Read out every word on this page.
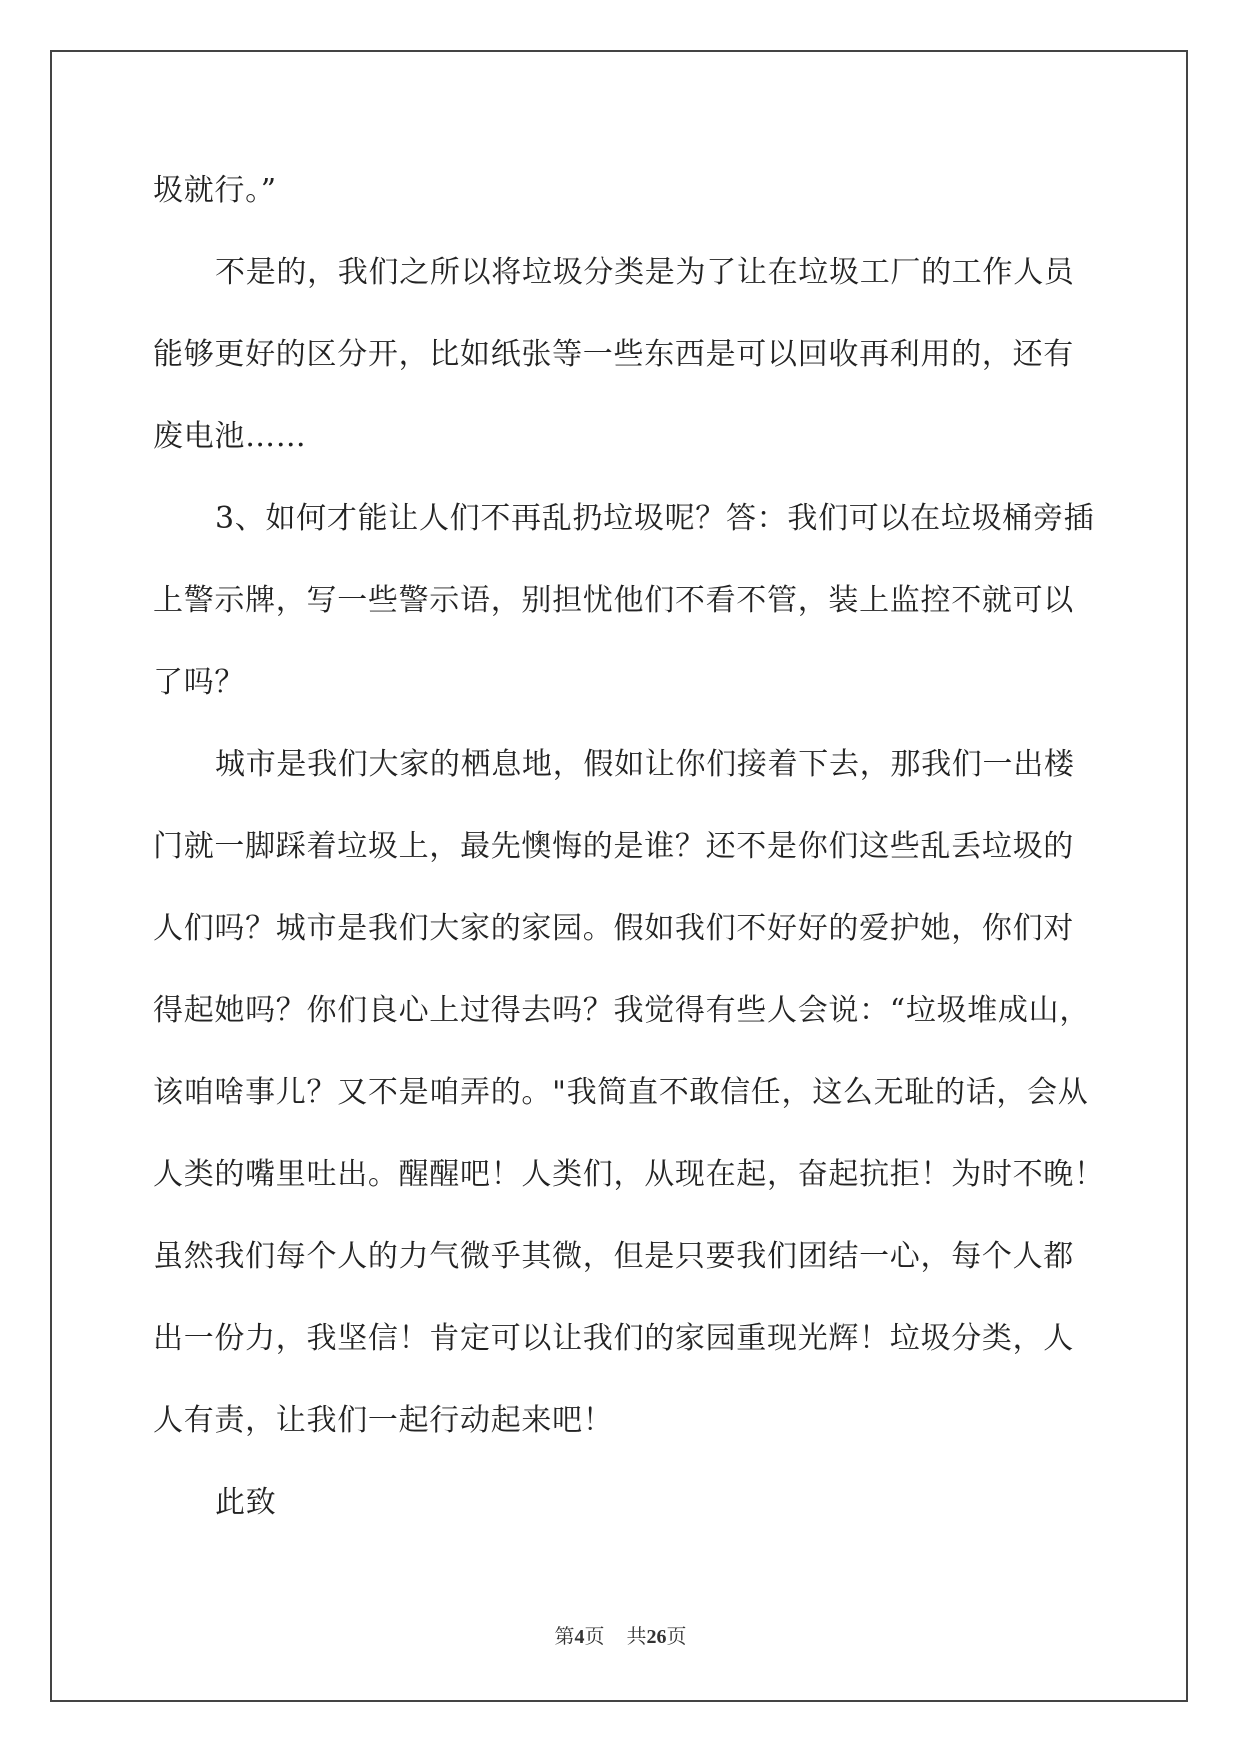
圾就行。”
不是的，我们之所以将垃圾分类是为了让在垃圾工厂的工作人员
能够更好的区分开，比如纸张等一些东西是可以回收再利用的，还有
废电池……
3、如何才能让人们不再乱扔垃圾呢？答：我们可以在垃圾桶旁插
上警示牌，写一些警示语，别担忧他们不看不管，装上监控不就可以
了吗？
城市是我们大家的栖息地，假如让你们接着下去，那我们一出楼
门就一脚踩着垃圾上，最先懊悔的是谁？还不是你们这些乱丢垃圾的
人们吗？城市是我们大家的家园。假如我们不好好的爱护她，你们对
得起她吗？你们良心上过得去吗？我觉得有些人会说：“垃圾堆成山，
该咱啥事儿？又不是咱弄的。"我简直不敢信任，这么无耻的话，会从
人类的嘴里吐出。醒醒吧！人类们，从现在起，奋起抗拒！为时不晚！
虽然我们每个人的力气微乎其微，但是只要我们团结一心，每个人都
出一份力，我坚信！肯定可以让我们的家园重现光辉！垃圾分类，人
人有责，让我们一起行动起来吧！
此致

第4页 共26页
